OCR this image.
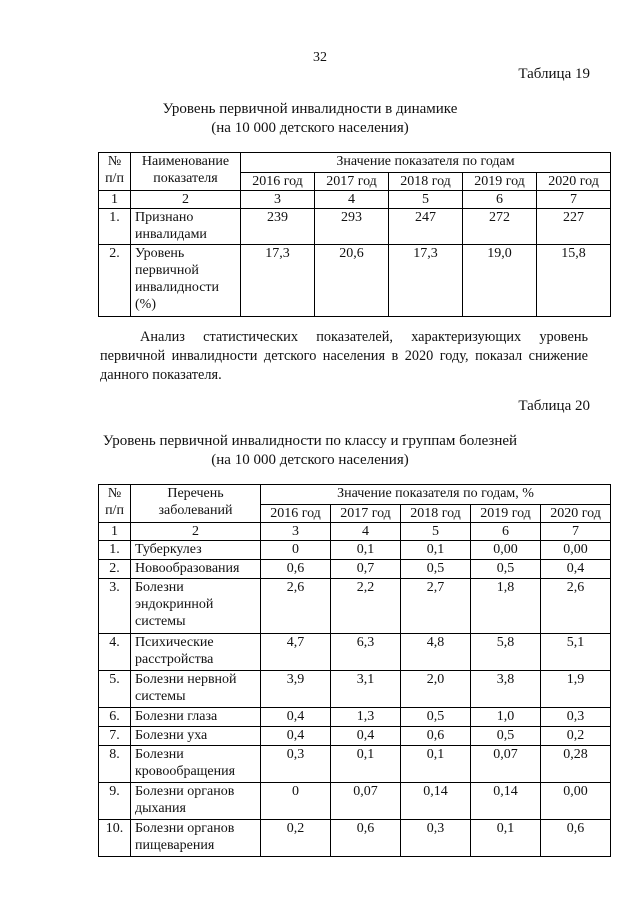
32
Таблица 19
Уровень первичной инвалидности в динамике
(на 10 000 детского населения)
№ п/п	Наименование показателя	Значение показателя по годам				
		2016 год	2017 год	2018 год	2019 год	2020 год
1	2	3	4	5	6	7
1.	Признано инвалидами	239	293	247	272	227
2.	Уровень первичной инвалидности (%)	17,3	20,6	17,3	19,0	15,8
Анализ статистических показателей, характеризующих уровень первичной инвалидности детского населения в 2020 году, показал снижение данного показателя.
Таблица 20
Уровень первичной инвалидности по классу и группам болезней
(на 10 000 детского населения)
№ п/п	Перечень заболеваний	Значение показателя по годам, %				
		2016 год	2017 год	2018 год	2019 год	2020 год
1	2	3	4	5	6	7
1.	Туберкулез	0	0,1	0,1	0,00	0,00
2.	Новообразования	0,6	0,7	0,5	0,5	0,4
3.	Болезни эндокринной системы	2,6	2,2	2,7	1,8	2,6
4.	Психические расстройства	4,7	6,3	4,8	5,8	5,1
5.	Болезни нервной системы	3,9	3,1	2,0	3,8	1,9
6.	Болезни глаза	0,4	1,3	0,5	1,0	0,3
7.	Болезни уха	0,4	0,4	0,6	0,5	0,2
8.	Болезни кровообращения	0,3	0,1	0,1	0,07	0,28
9.	Болезни органов дыхания	0	0,07	0,14	0,14	0,00
10.	Болезни органов пищеварения	0,2	0,6	0,3	0,1	0,6
